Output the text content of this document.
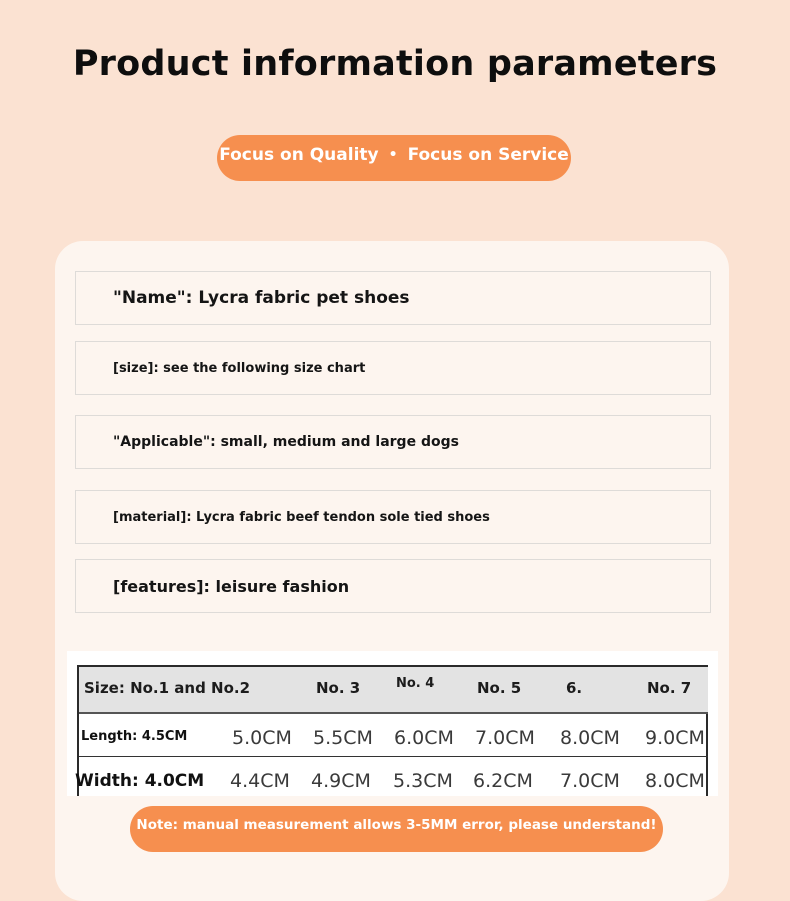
Product information parameters
Focus on Quality • Focus on Service
"Name": Lycra fabric pet shoes
[size]: see the following size chart
"Applicable": small, medium and large dogs
[material]: Lycra fabric beef tendon sole tied shoes
[features]: leisure fashion
Size: No.1 and No.2	No. 3	No. 4	No. 5	6.	No. 7
Length: 4.5CM 5.0CM 5.5CM 6.0CM 7.0CM 8.0CM 9.0CM
Width: 4.0CM 4.4CM 4.9CM 5.3CM 6.2CM 7.0CM 8.0CM
Note: manual measurement allows 3-5MM error, please understand!
